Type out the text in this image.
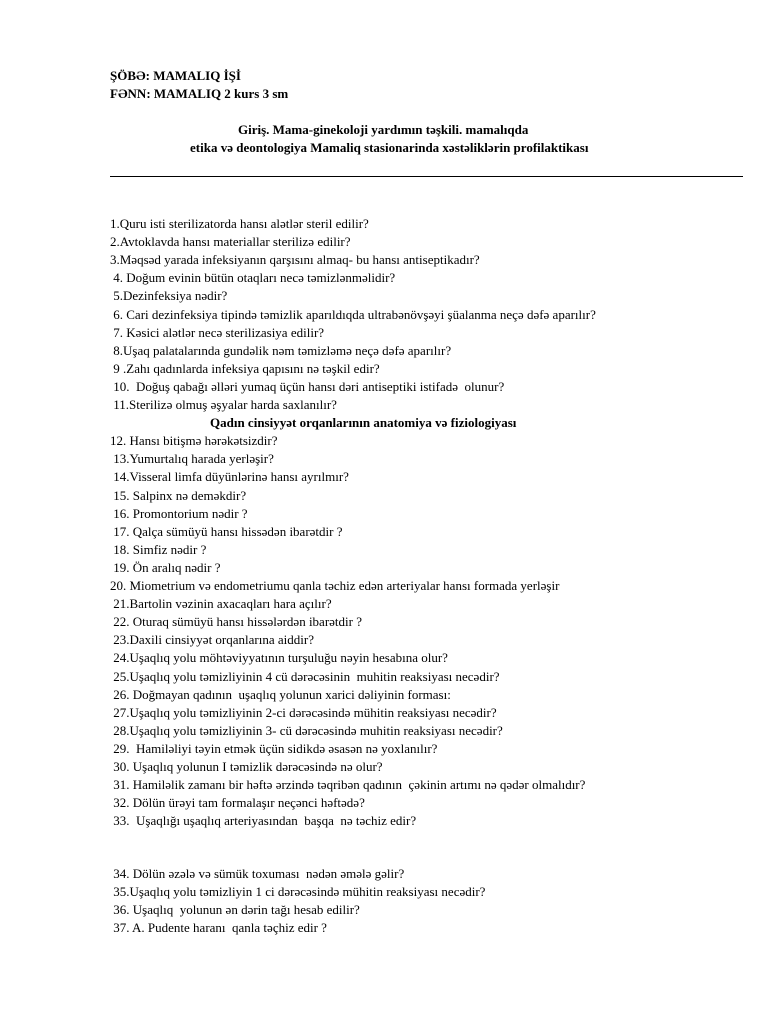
ŞÖBƏ: MAMALIQ İŞİ
FƏNN: MAMALIQ 2 kurs 3 sm
Giriş. Mama-ginekoloji yardımın təşkili. mamalıqda
etika və deontologiya Mamaliq stasionarinda xəstəliklərin profilaktikası
1.Quru isti sterilizatorda hansı alətlər steril edilir?
2.Avtoklavda hansı materiallar sterilizə edilir?
3.Məqsəd yarada infeksiyanın qarşısını almaq- bu hansı antiseptikadır?
4. Doğum evinin bütün otaqları necə təmizlənməlidir?
5.Dezinfeksiya nədir?
6. Cari dezinfeksiya tipində təmizlik aparıldıqda ultrabənövşəyi şüalanma neçə dəfə aparılır?
7. Kəsici alətlər necə sterilizasiya edilir?
8.Uşaq palatalarında gundəlik nəm təmizləmə neçə dəfə aparılır?
9 .Zahı qadınlarda infeksiya qapısını nə təşkil edir?
10.  Doğuş qabağı əlləri yumaq üçün hansı dəri antiseptiki istifadə  olunur?
11.Sterilizə olmuş əşyalar harda saxlanılır?
Qadın cinsiyyət orqanlarının anatomiya və fiziologiyası
12. Hansı bitişmə hərəkətsizdir?
13.Yumurtalıq harada yerləşir?
14.Visseral limfa düyünlərinə hansı ayrılmır?
15. Salpinx nə deməkdir?
16. Promontorium nədir ?
17. Qalça sümüyü hansı hissədən ibarətdir ?
18. Simfiz nədir ?
19. Ön aralıq nədir ?
20. Miometrium və endometriumu qanla təchiz edən arteriyalar hansı formada yerləşir
21.Bartolin vəzinin axacaqları hara açılır?
22. Oturaq sümüyü hansı hissələrdən ibarətdir ?
23.Daxili cinsiyyət orqanlarına aiddir?
24.Uşaqlıq yolu möhtəviyyatının turşuluğu nəyin hesabına olur?
25.Uşaqlıq yolu təmizliyinin 4 cü dərəcəsinin  muhitin reaksiyası necədir?
26. Doğmayan qadının  uşaqlıq yolunun xarici dəliyinin forması:
27.Uşaqlıq yolu təmizliyinin 2-ci dərəcəsində mühitin reaksiyası necədir?
28.Uşaqlıq yolu təmizliyinin 3- cü dərəcəsində muhitin reaksiyası necədir?
29.  Hamiləliyi təyin etmək üçün sidikdə əsasən nə yoxlanılır?
30. Uşaqlıq yolunun I təmizlik dərəcəsində nə olur?
31. Hamiləlik zamanı bir həftə ərzində təqribən qadının  çəkinin artımı nə qədər olmalıdır?
32. Dölün ürəyi tam formalaşır neçənci həftədə?
33.  Uşaqlığı uşaqlıq arteriyasından  başqa  nə təchiz edir?
34. Dölün əzələ və sümük toxuması  nədən əmələ gəlir?
35.Uşaqlıq yolu təmizliyin 1 ci dərəcəsində mühitin reaksiyası necədir?
36. Uşaqlıq  yolunun ən dərin tağı hesab edilir?
37. A. Pudente haranı  qanla təçhiz edir ?
